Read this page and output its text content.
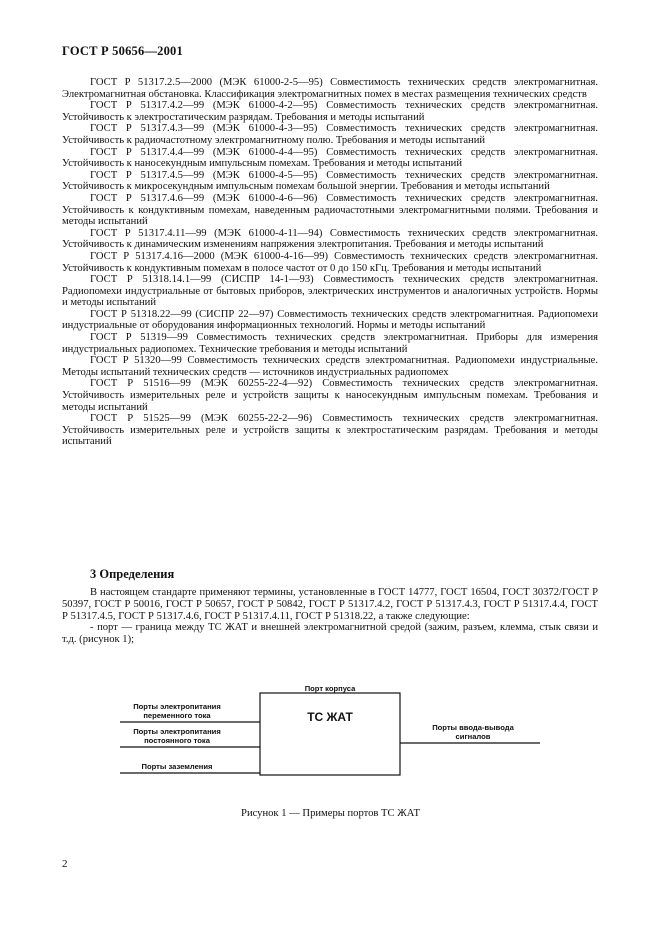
ГОСТ Р 50656—2001

ГОСТ Р 51317.2.5—2000 (МЭК 61000-2-5—95) Совместимость технических средств электромагнитная. Электромагнитная обстановка. Классификация электромагнитных помех в местах размещения технических средств

ГОСТ Р 51317.4.2—99 (МЭК 61000-4-2—95) Совместимость технических средств электромагнитная. Устойчивость к электростатическим разрядам. Требования и методы испытаний

ГОСТ Р 51317.4.3—99 (МЭК 61000-4-3—95) Совместимость технических средств электромагнитная. Устойчивость к радиочастотному электромагнитному полю. Требования и методы испытаний

ГОСТ Р 51317.4.4—99 (МЭК 61000-4-4—95) Совместимость технических средств электромагнитная. Устойчивость к наносекундным импульсным помехам. Требования и методы испытаний

ГОСТ Р 51317.4.5—99 (МЭК 61000-4-5—95) Совместимость технических средств электромагнитная. Устойчивость к микросекундным импульсным помехам большой энергии. Требования и методы испытаний

ГОСТ Р 51317.4.6—99 (МЭК 61000-4-6—96) Совместимость технических средств электромагнитная. Устойчивость к кондуктивным помехам, наведенным радиочастотными электромагнитными полями. Требования и методы испытаний

ГОСТ Р 51317.4.11—99 (МЭК 61000-4-11—94) Совместимость технических средств электромагнитная. Устойчивость к динамическим изменениям напряжения электропитания. Требования и методы испытаний

ГОСТ Р 51317.4.16—2000 (МЭК 61000-4-16—99) Совместимость технических средств электромагнитная. Устойчивость к кондуктивным помехам в полосе частот от 0 до 150 кГц. Требования и методы испытаний

ГОСТ Р 51318.14.1—99 (СИСПР 14-1—93) Совместимость технических средств электромагнитная. Радиопомехи индустриальные от бытовых приборов, электрических инструментов и аналогичных устройств. Нормы и методы испытаний

ГОСТ Р 51318.22—99 (СИСПР 22—97) Совместимость технических средств электромагнитная. Радиопомехи индустриальные от оборудования информационных технологий. Нормы и методы испытаний

ГОСТ Р 51319—99 Совместимость технических средств электромагнитная. Приборы для измерения индустриальных радиопомех. Технические требования и методы испытаний

ГОСТ Р 51320—99 Совместимость технических средств электромагнитная. Радиопомехи индустриальные. Методы испытаний технических средств — источников индустриальных радиопомех

ГОСТ Р 51516—99 (МЭК 60255-22-4—92) Совместимость технических средств электромагнитная. Устойчивость измерительных реле и устройств защиты к наносекундным импульсным помехам. Требования и методы испытаний

ГОСТ Р 51525—99 (МЭК 60255-22-2—96) Совместимость технических средств электромагнитная. Устойчивость измерительных реле и устройств защиты к электростатическим разрядам. Требования и методы испытаний

3 Определения

В настоящем стандарте применяют термины, установленные в ГОСТ 14777, ГОСТ 16504, ГОСТ 30372/ГОСТ Р 50397, ГОСТ Р 50016, ГОСТ Р 50657, ГОСТ Р 50842, ГОСТ Р 51317.4.2, ГОСТ Р 51317.4.3, ГОСТ Р 51317.4.4, ГОСТ Р 51317.4.5, ГОСТ Р 51317.4.6, ГОСТ Р 51317.4.11, ГОСТ Р 51318.22, а также следующие:

- порт — граница между ТС ЖАТ и внешней электромагнитной средой (зажим, разъем, клемма, стык связи и т.д. (рисунок 1);

Порт корпуса
Порты электропитания
переменного тока
Порты электропитания
постоянного тока
Порты заземления
ТС ЖАТ
Порты ввода-вывода
сигналов
Рисунок 1 — Примеры портов ТС ЖАТ
2
